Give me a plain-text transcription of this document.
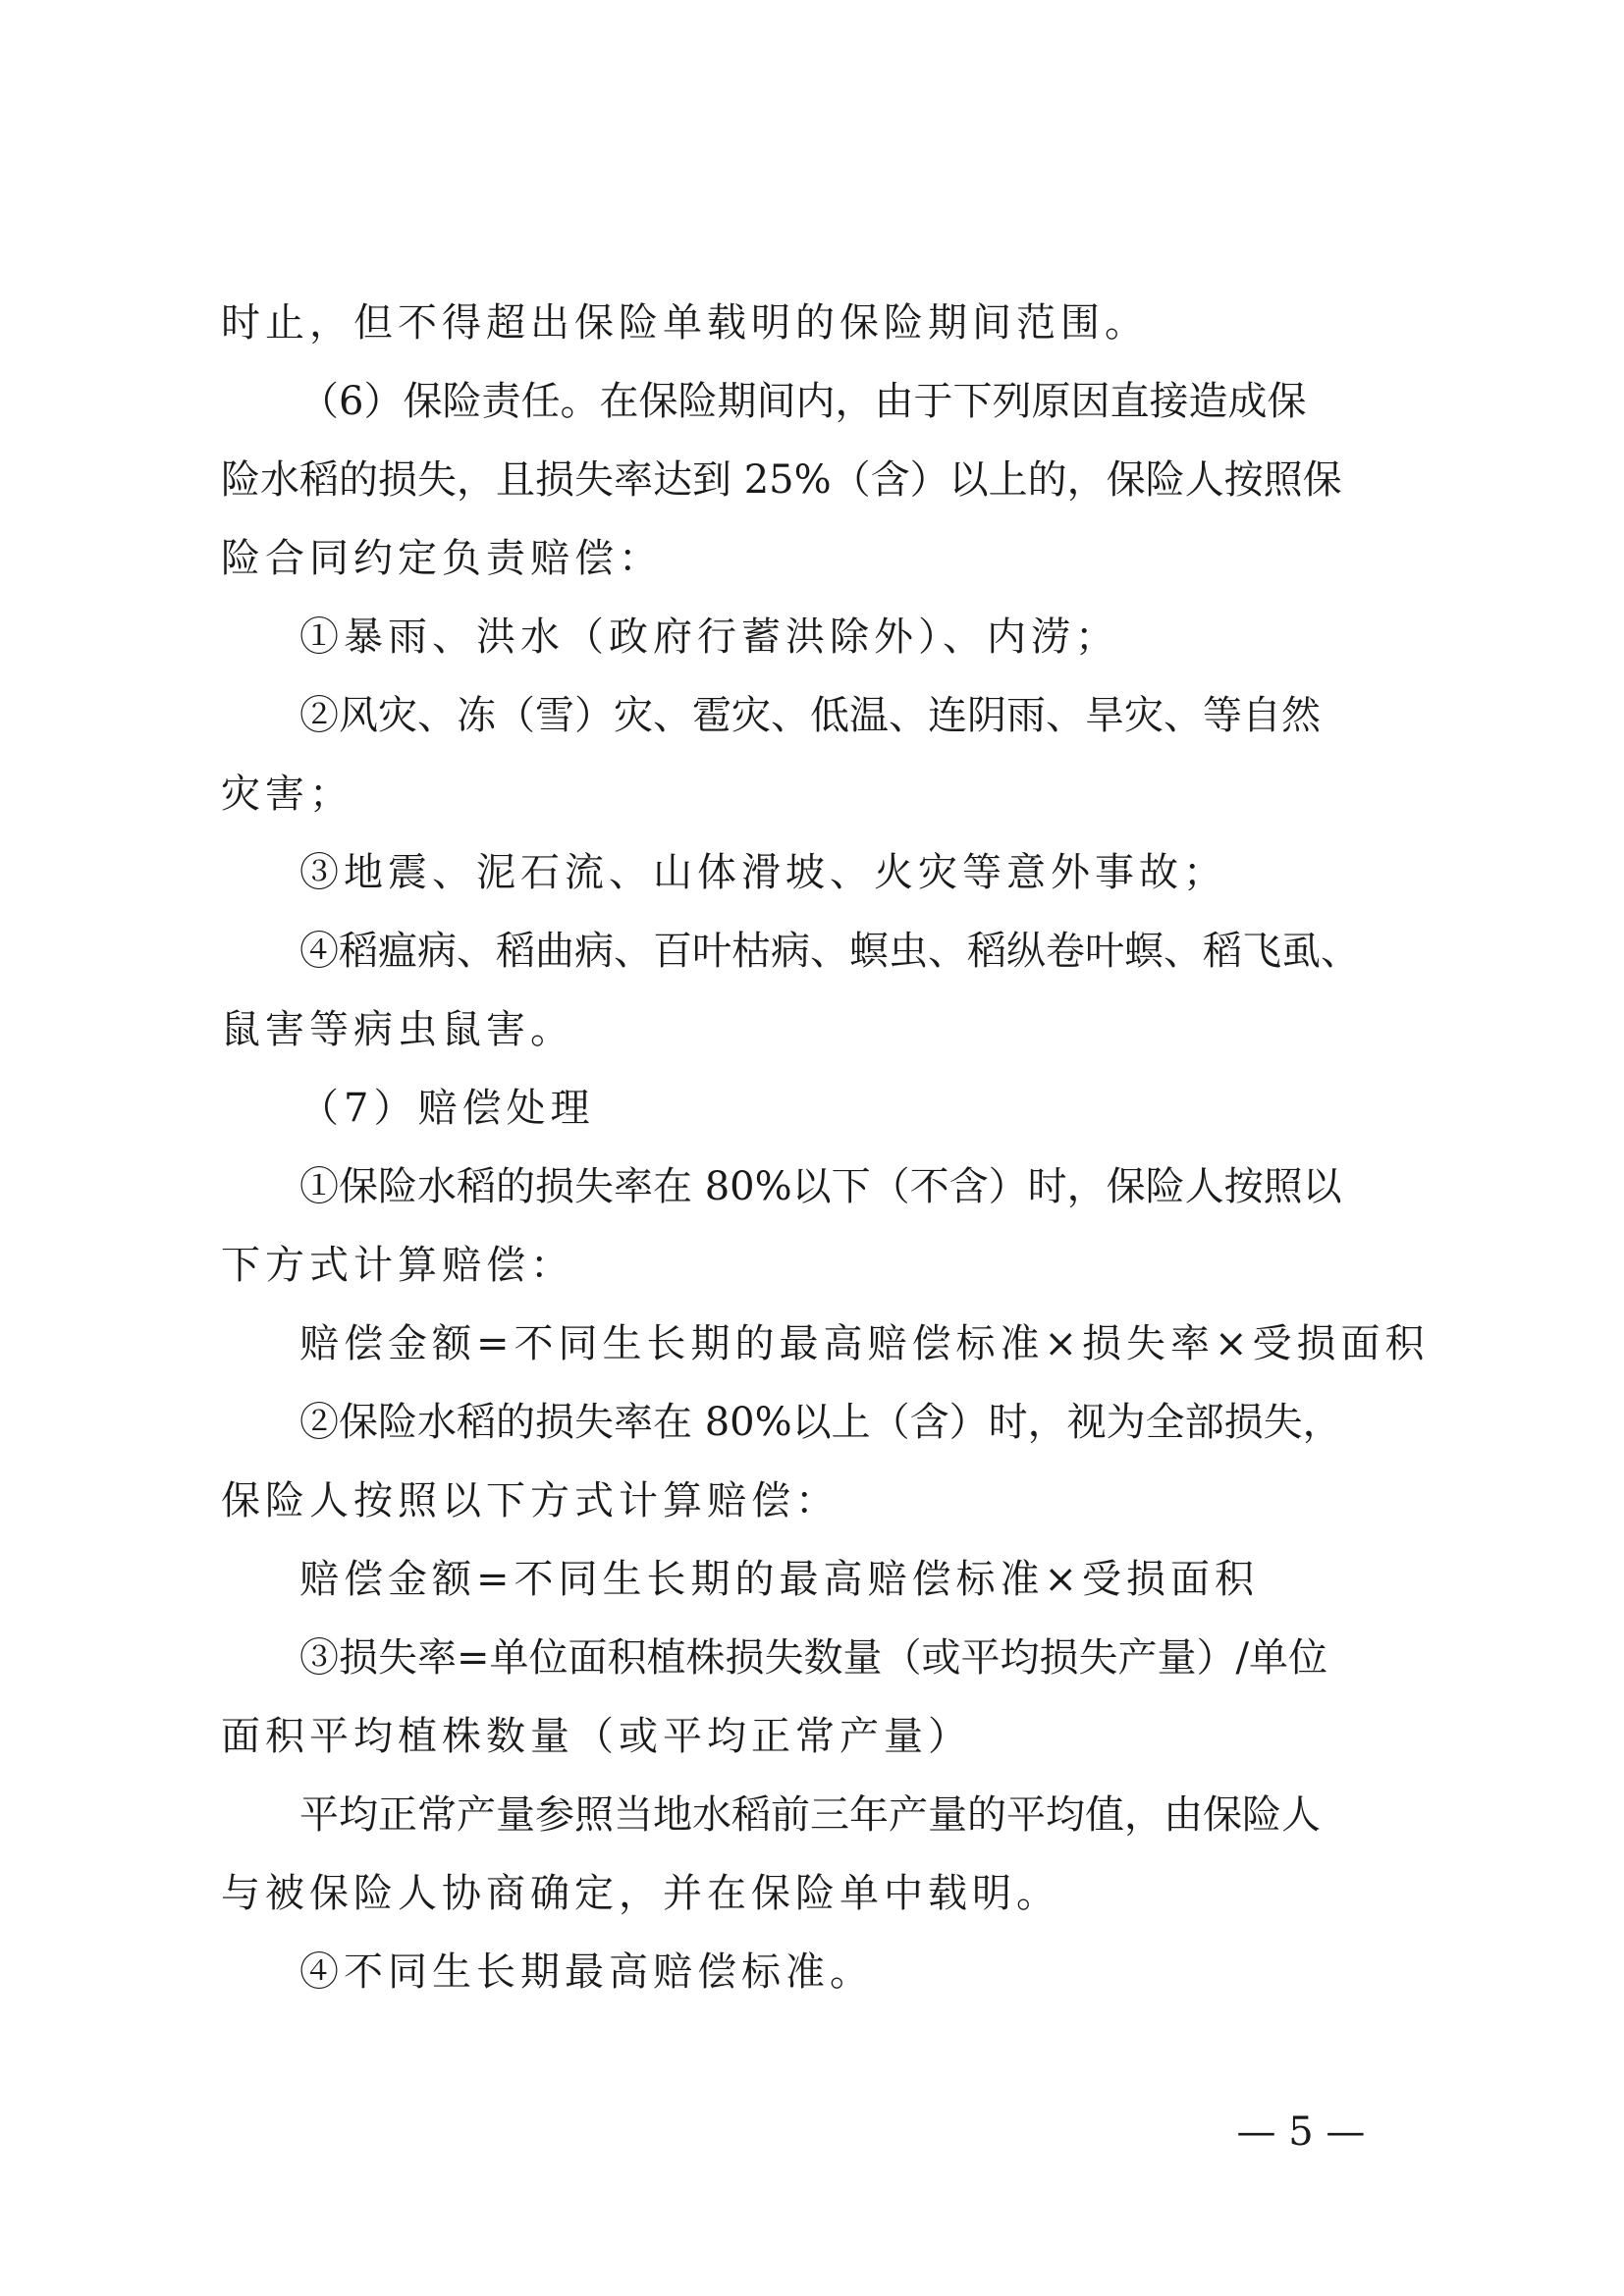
时止，但不得超出保险单载明的保险期间范围。
（6）保险责任。在保险期间内，由于下列原因直接造成保
险水稻的损失，且损失率达到 25%（含）以上的，保险人按照保
险合同约定负责赔偿：
①暴雨、洪水（政府行蓄洪除外）、内涝；
②风灾、冻（雪）灾、雹灾、低温、连阴雨、旱灾、等自然
灾害；
③地震、泥石流、山体滑坡、火灾等意外事故；
④稻瘟病、稻曲病、百叶枯病、螟虫、稻纵卷叶螟、稻飞虱、
鼠害等病虫鼠害。
（7）赔偿处理
①保险水稻的损失率在 80%以下（不含）时，保险人按照以
下方式计算赔偿：
赔偿金额=不同生长期的最高赔偿标准×损失率×受损面积
②保险水稻的损失率在 80%以上（含）时，视为全部损失，
保险人按照以下方式计算赔偿：
赔偿金额=不同生长期的最高赔偿标准×受损面积
③损失率=单位面积植株损失数量（或平均损失产量）/单位
面积平均植株数量（或平均正常产量）
平均正常产量参照当地水稻前三年产量的平均值，由保险人
与被保险人协商确定，并在保险单中载明。
④不同生长期最高赔偿标准。
— 5 —
